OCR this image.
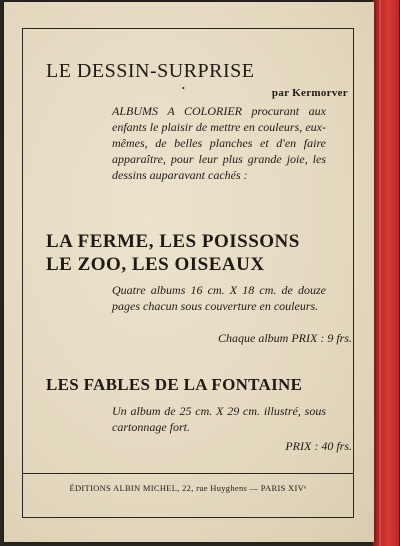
LE DESSIN-SURPRISE
•	par Kermorver

ALBUMS A COLORIER procurant aux enfants le plaisir de mettre en couleurs, eux-mêmes, de belles planches et d'en faire apparaître, pour leur plus grande joie, les dessins auparavant cachés :

LA FERME, LES POISSONS
LE ZOO, LES OISEAUX

Quatre albums 16 cm. X 18 cm. de douze pages chacun sous couverture en couleurs.

Chaque album PRIX : 9 frs.

LES FABLES DE LA FONTAINE

Un album de 25 cm. X 29 cm. illustré, sous cartonnage fort.

PRIX : 40 frs.

ÉDITIONS ALBIN MICHEL, 22, rue Huyghens — PARIS XIVᵉ
